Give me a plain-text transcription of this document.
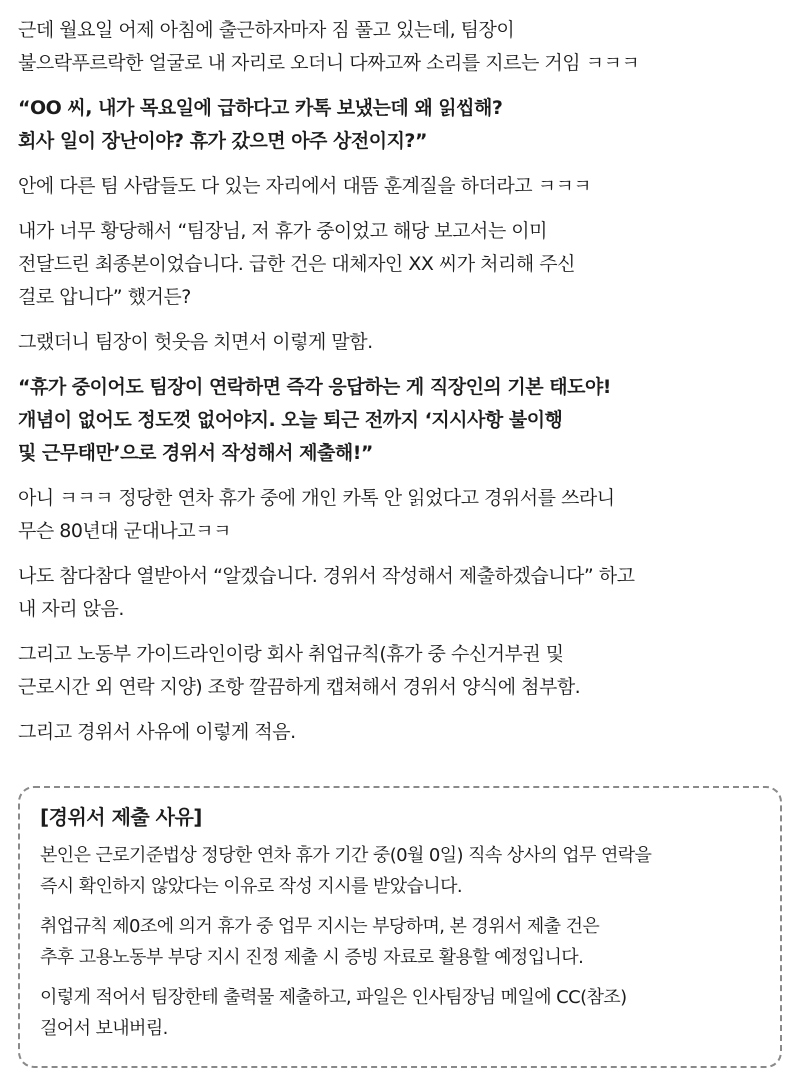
근데 월요일 어제 아침에 출근하자마자 짐 풀고 있는데, 팀장이
불으락푸르락한 얼굴로 내 자리로 오더니 다짜고짜 소리를 지르는 거임 ㅋㅋㅋ
“OO 씨, 내가 목요일에 급하다고 카톡 보냈는데 왜 읽씹해?
회사 일이 장난이야? 휴가 갔으면 아주 상전이지?”
안에 다른 팀 사람들도 다 있는 자리에서 대뜸 훈계질을 하더라고 ㅋㅋㅋ
내가 너무 황당해서 “팀장님, 저 휴가 중이었고 해당 보고서는 이미
전달드린 최종본이었습니다. 급한 건은 대체자인 XX 씨가 처리해 주신
걸로 압니다” 했거든?
그랬더니 팀장이 헛웃음 치면서 이렇게 말함.
“휴가 중이어도 팀장이 연락하면 즉각 응답하는 게 직장인의 기본 태도야!
개념이 없어도 정도껏 없어야지. 오늘 퇴근 전까지 ‘지시사항 불이행
및 근무태만’으로 경위서 작성해서 제출해!”
아니 ㅋㅋㅋ 정당한 연차 휴가 중에 개인 카톡 안 읽었다고 경위서를 쓰라니
무슨 80년대 군대나고ㅋㅋ
나도 참다참다 열받아서 “알겠습니다. 경위서 작성해서 제출하겠습니다” 하고
내 자리 앉음.
그리고 노동부 가이드라인이랑 회사 취업규칙(휴가 중 수신거부권 및
근로시간 외 연락 지양) 조항 깔끔하게 캡쳐해서 경위서 양식에 첨부함.
그리고 경위서 사유에 이렇게 적음.
[경위서 제출 사유]
본인은 근로기준법상 정당한 연차 휴가 기간 중(0월 0일) 직속 상사의 업무 연락을
즉시 확인하지 않았다는 이유로 작성 지시를 받았습니다.
취업규칙 제0조에 의거 휴가 중 업무 지시는 부당하며, 본 경위서 제출 건은
추후 고용노동부 부당 지시 진정 제출 시 증빙 자료로 활용할 예정입니다.
이렇게 적어서 팀장한테 출력물 제출하고, 파일은 인사팀장님 메일에 CC(참조)
걸어서 보내버림.
